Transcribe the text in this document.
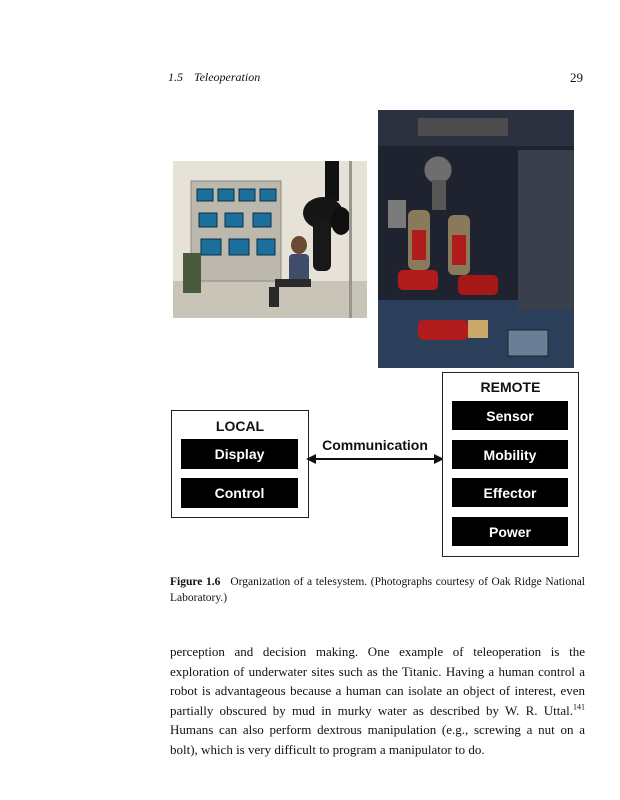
1.5 Teleoperation	29
LOCAL
Display
Control
Communication
REMOTE
Sensor
Mobility
Effector
Power
Figure 1.6 Organization of a telesystem. (Photographs courtesy of Oak Ridge National Laboratory.)
perception and decision making. One example of teleoperation is the exploration of underwater sites such as the Titanic. Having a human control a robot is advantageous because a human can isolate an object of interest, even partially obscured by mud in murky water as described by W. R. Uttal.$^{141}$ Humans can also perform dextrous manipulation (e.g., screwing a nut on a bolt), which is very difficult to program a manipulator to do.
